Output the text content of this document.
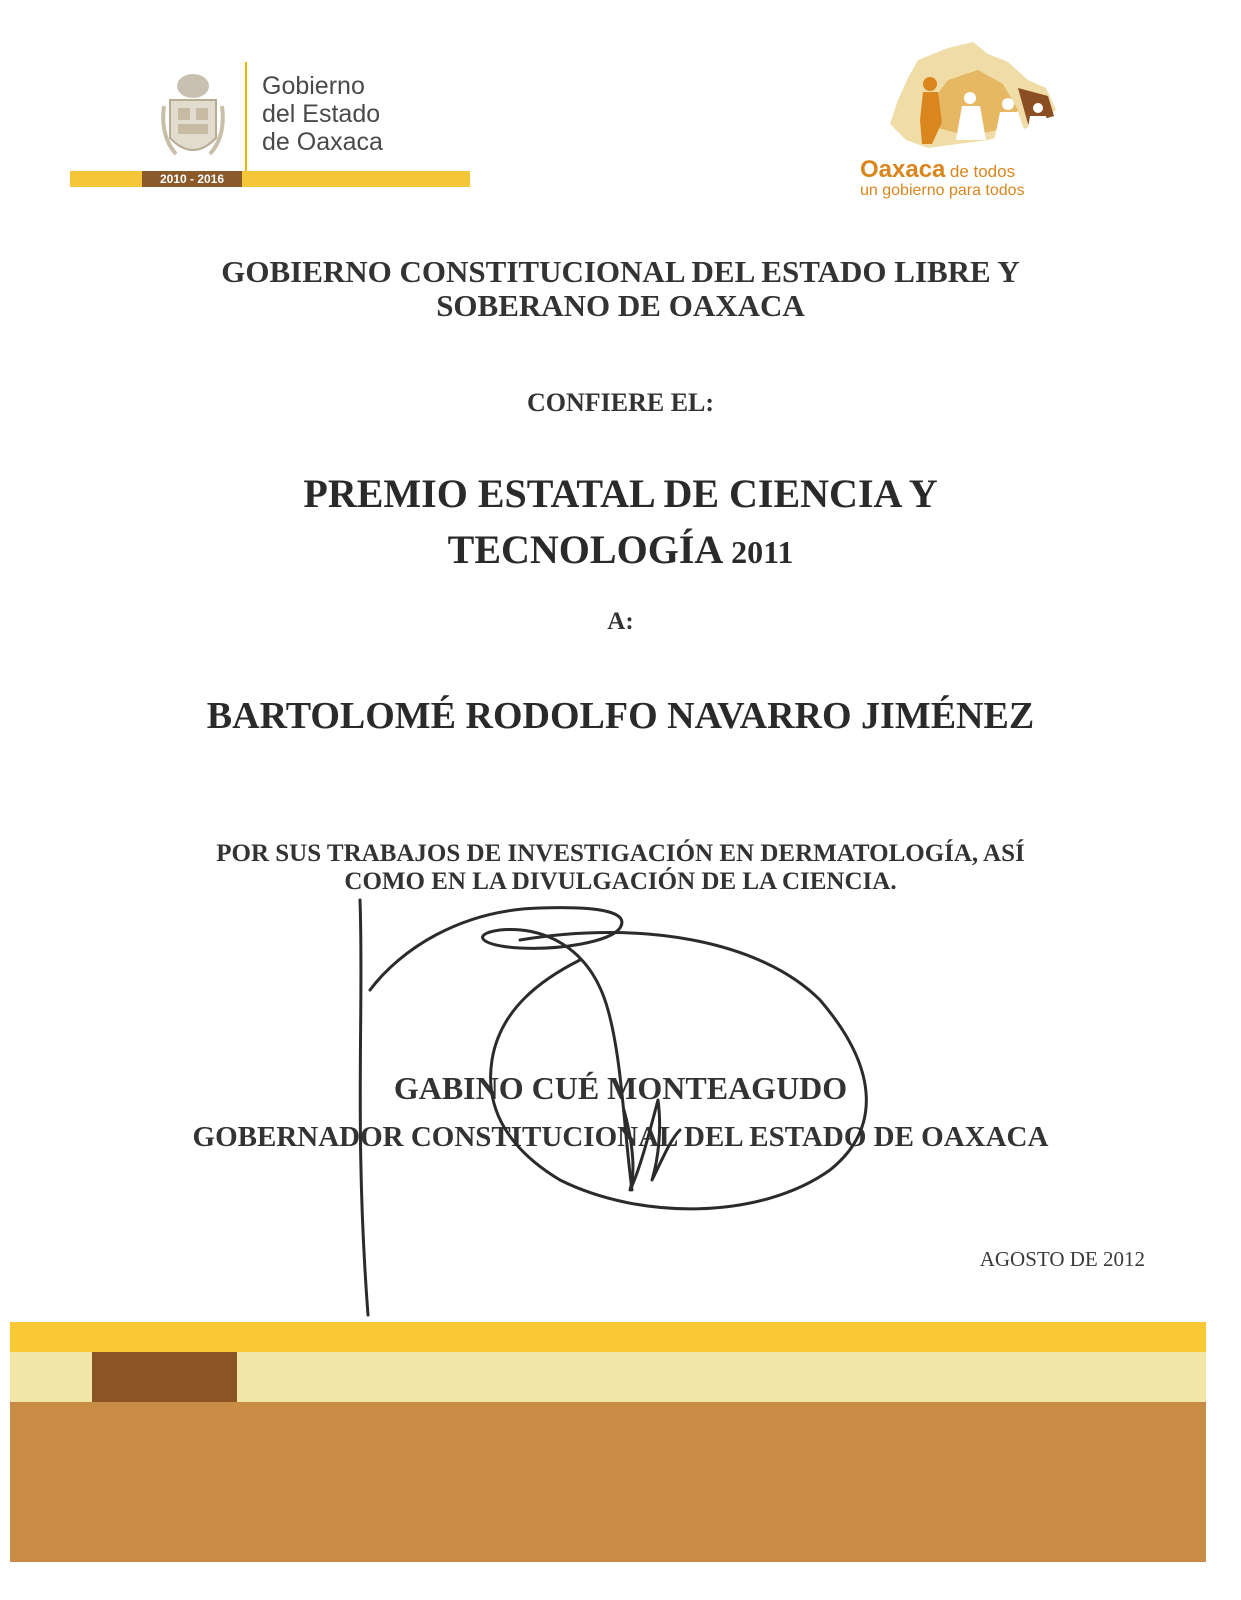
Gobierno
del Estado
de Oaxaca
2010 - 2016	Oaxaca de todos
un gobierno para todos
GOBIERNO CONSTITUCIONAL DEL ESTADO LIBRE Y
SOBERANO DE OAXACA
CONFIERE EL:
PREMIO ESTATAL DE CIENCIA Y
TECNOLOGÍA 2011
A:
BARTOLOMÉ RODOLFO NAVARRO JIMÉNEZ
POR SUS TRABAJOS DE INVESTIGACIÓN EN DERMATOLOGÍA, ASÍ
COMO EN LA DIVULGACIÓN DE LA CIENCIA.
GABINO CUÉ MONTEAGUDO
GOBERNADOR CONSTITUCIONAL DEL ESTADO DE OAXACA
AGOSTO DE 2012
